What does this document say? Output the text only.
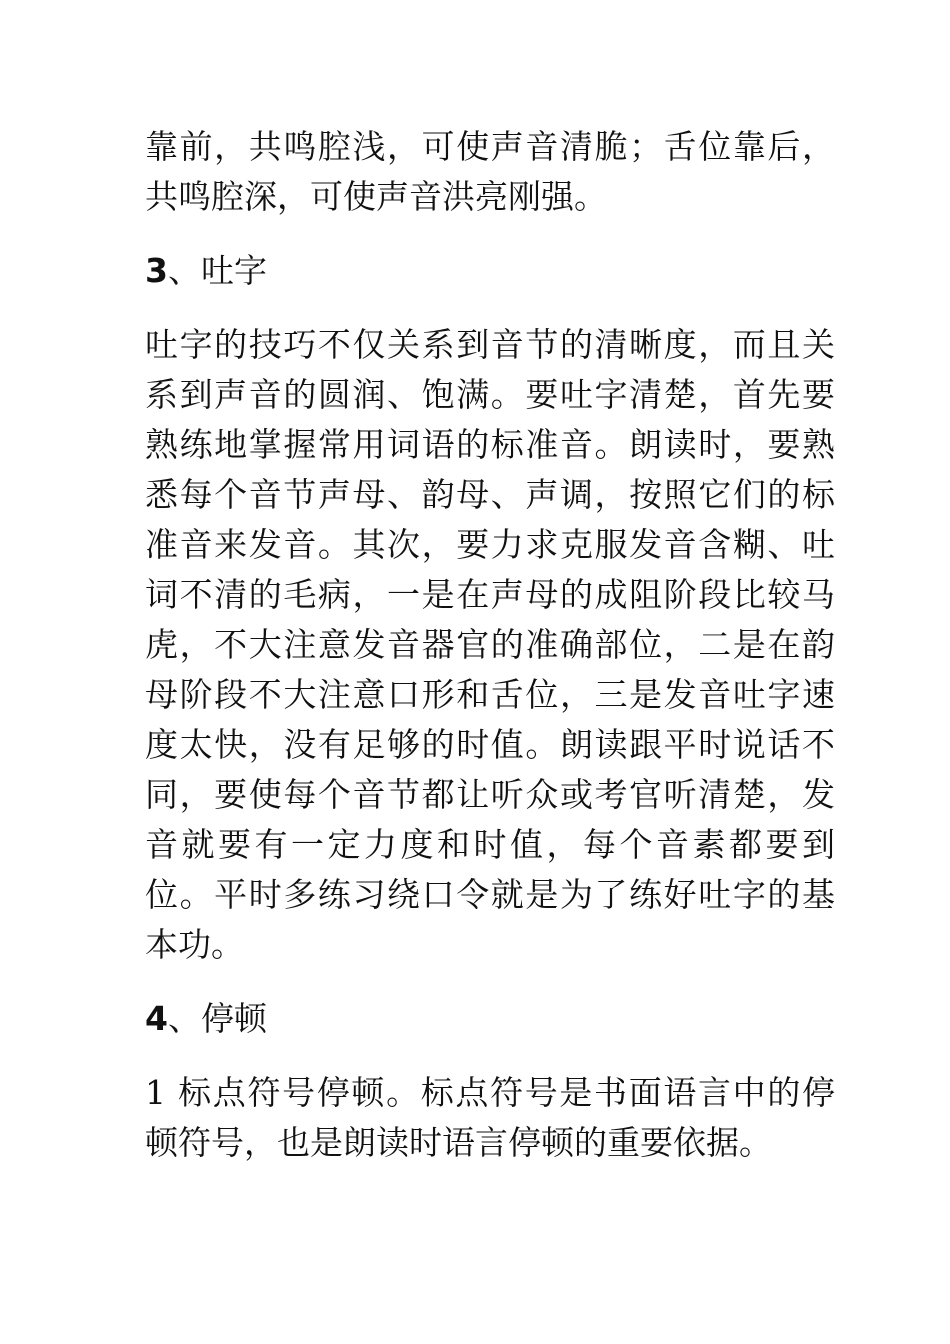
靠前，共鸣腔浅，可使声音清脆；舌位靠后，共鸣腔深，可使声音洪亮刚强。

3、吐字

吐字的技巧不仅关系到音节的清晰度，而且关系到声音的圆润、饱满。要吐字清楚，首先要熟练地掌握常用词语的标准音。朗读时，要熟悉每个音节声母、韵母、声调，按照它们的标准音来发音。其次，要力求克服发音含糊、吐词不清的毛病，一是在声母的成阻阶段比较马虎，不大注意发音器官的准确部位，二是在韵母阶段不大注意口形和舌位，三是发音吐字速度太快，没有足够的时值。朗读跟平时说话不同，要使每个音节都让听众或考官听清楚，发音就要有一定力度和时值，每个音素都要到位。平时多练习绕口令就是为了练好吐字的基本功。

4、停顿

1 标点符号停顿。标点符号是书面语言中的停顿符号，也是朗读时语言停顿的重要依据。
